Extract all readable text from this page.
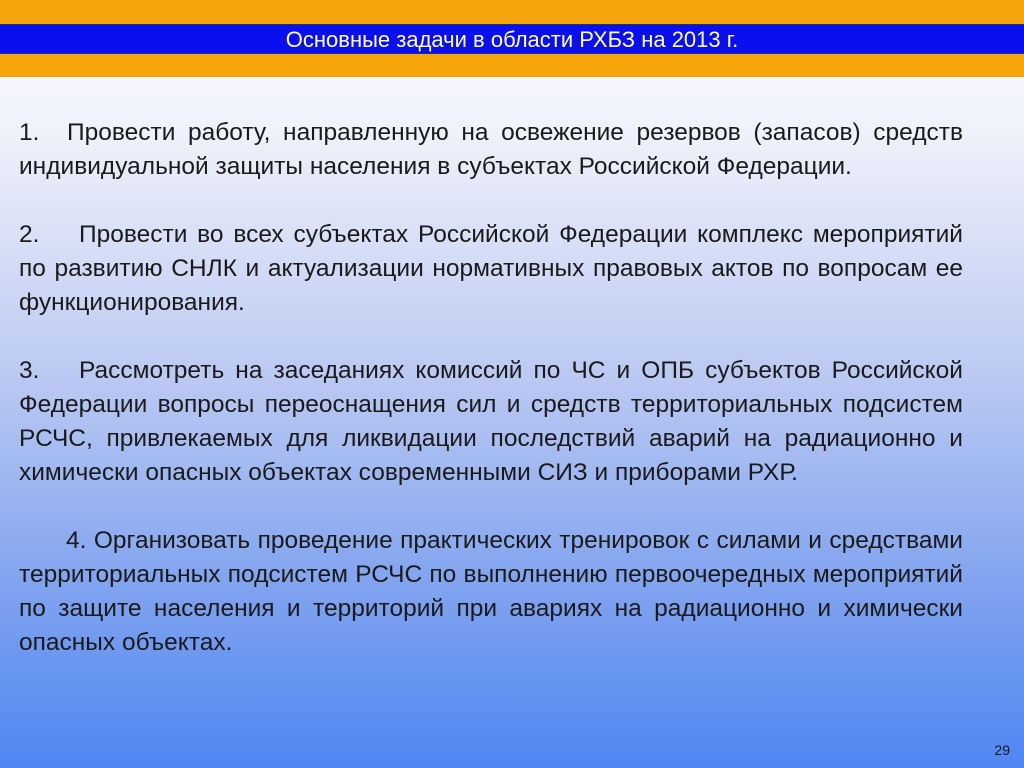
Основные задачи в области РХБЗ на 2013 г.

1. Провести работу, направленную на освежение резервов (запасов) средств индивидуальной защиты населения в субъектах Российской Федерации.

2. Провести во всех субъектах Российской Федерации комплекс мероприятий по развитию СНЛК и актуализации нормативных правовых актов по вопросам ее функционирования.

3. Рассмотреть на заседаниях комиссий по ЧС и ОПБ субъектов Российской Федерации вопросы переоснащения сил и средств территориальных подсистем РСЧС, привлекаемых для ликвидации последствий аварий на радиационно и химически опасных объектах современными СИЗ и приборами РХР.

4. Организовать проведение практических тренировок с силами и средствами территориальных подсистем РСЧС по выполнению первоочередных мероприятий по защите населения и территорий при авариях на радиационно и химически опасных объектах.

29
